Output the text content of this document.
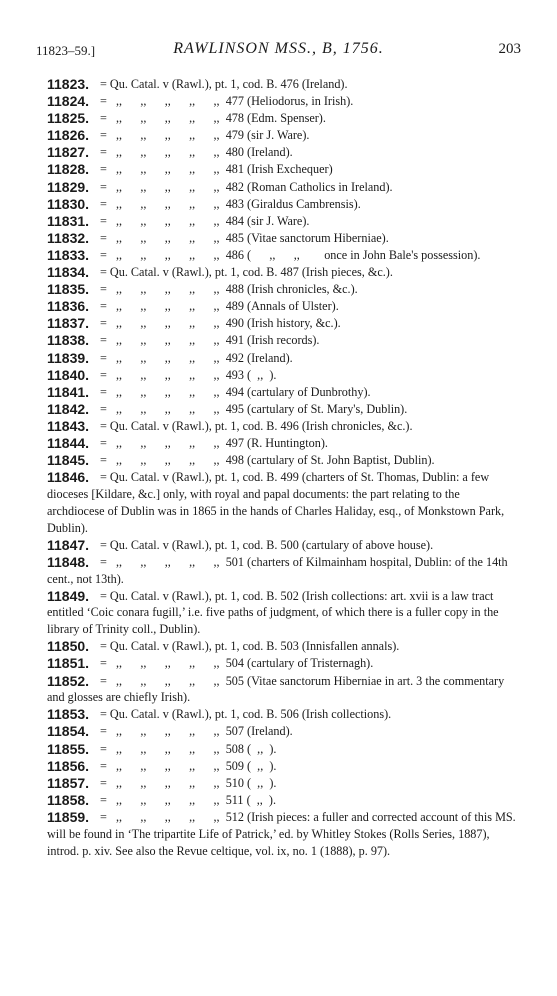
11823–59.]	RAWLINSON MSS., B, 1756.	203
11823. = Qu. Catal. v (Rawl.), pt. 1, cod. B. 476 (Ireland).
11824. =   ,,      ,,      ,,      ,,      ,,  477 (Heliodorus, in Irish).
11825. =   ,,      ,,      ,,      ,,      ,,  478 (Edm. Spenser).
11826. =   ,,      ,,      ,,      ,,      ,,  479 (sir J. Ware).
11827. =   ,,      ,,      ,,      ,,      ,,  480 (Ireland).
11828. =   ,,      ,,      ,,      ,,      ,,  481 (Irish Exchequer)
11829. =   ,,      ,,      ,,      ,,      ,,  482 (Roman Catholics in Ireland).
11830. =   ,,      ,,      ,,      ,,      ,,  483 (Giraldus Cambrensis).
11831. =   ,,      ,,      ,,      ,,      ,,  484 (sir J. Ware).
11832. =   ,,      ,,      ,,      ,,      ,,  485 (Vitae sanctorum Hiberniae).
11833. =   ,,      ,,      ,,      ,,      ,,  486 (      ,,      ,,        once in John Bale's possession).
11834. = Qu. Catal. v (Rawl.), pt. 1, cod. B. 487 (Irish pieces, &c.).
11835. =   ,,      ,,      ,,      ,,      ,,  488 (Irish chronicles, &c.).
11836. =   ,,      ,,      ,,      ,,      ,,  489 (Annals of Ulster).
11837. =   ,,      ,,      ,,      ,,      ,,  490 (Irish history, &c.).
11838. =   ,,      ,,      ,,      ,,      ,,  491 (Irish records).
11839. =   ,,      ,,      ,,      ,,      ,,  492 (Ireland).
11840. =   ,,      ,,      ,,      ,,      ,,  493 (  ,,  ).
11841. =   ,,      ,,      ,,      ,,      ,,  494 (cartulary of Dunbrothy).
11842. =   ,,      ,,      ,,      ,,      ,,  495 (cartulary of St. Mary's, Dublin).
11843. = Qu. Catal. v (Rawl.), pt. 1, cod. B. 496 (Irish chronicles, &c.).
11844. =   ,,      ,,      ,,      ,,      ,,  497 (R. Huntington).
11845. =   ,,      ,,      ,,      ,,      ,,  498 (cartulary of St. John Baptist, Dublin).
11846. = Qu. Catal. v (Rawl.), pt. 1, cod. B. 499 (charters of St. Thomas, Dublin: a few dioceses [Kildare, &c.] only, with royal and papal documents: the part relating to the archdiocese of Dublin was in 1865 in the hands of Charles Haliday, esq., of Monkstown Park, Dublin).
11847. = Qu. Catal. v (Rawl.), pt. 1, cod. B. 500 (cartulary of above house).
11848. =   ,,      ,,      ,,      ,,      ,,  501 (charters of Kilmainham hospital, Dublin: of the 14th cent., not 13th).
11849. = Qu. Catal. v (Rawl.), pt. 1, cod. B. 502 (Irish collections: art. xvii is a law tract entitled ‘Coic conara fugill,’ i.e. five paths of judgment, of which there is a fuller copy in the library of Trinity coll., Dublin).
11850. = Qu. Catal. v (Rawl.), pt. 1, cod. B. 503 (Innisfallen annals).
11851. =   ,,      ,,      ,,      ,,      ,,  504 (cartulary of Tristernagh).
11852. =   ,,      ,,      ,,      ,,      ,,  505 (Vitae sanctorum Hiberniae in art. 3 the commentary and glosses are chiefly Irish).
11853. = Qu. Catal. v (Rawl.), pt. 1, cod. B. 506 (Irish collections).
11854. =   ,,      ,,      ,,      ,,      ,,  507 (Ireland).
11855. =   ,,      ,,      ,,      ,,      ,,  508 (  ,,  ).
11856. =   ,,      ,,      ,,      ,,      ,,  509 (  ,,  ).
11857. =   ,,      ,,      ,,      ,,      ,,  510 (  ,,  ).
11858. =   ,,      ,,      ,,      ,,      ,,  511 (  ,,  ).
11859. =   ,,      ,,      ,,      ,,      ,,  512 (Irish pieces: a fuller and corrected account of this MS. will be found in ‘The tripartite Life of Patrick,’ ed. by Whitley Stokes (Rolls Series, 1887), introd. p. xiv. See also the Revue celtique, vol. ix, no. 1 (1888), p. 97).
